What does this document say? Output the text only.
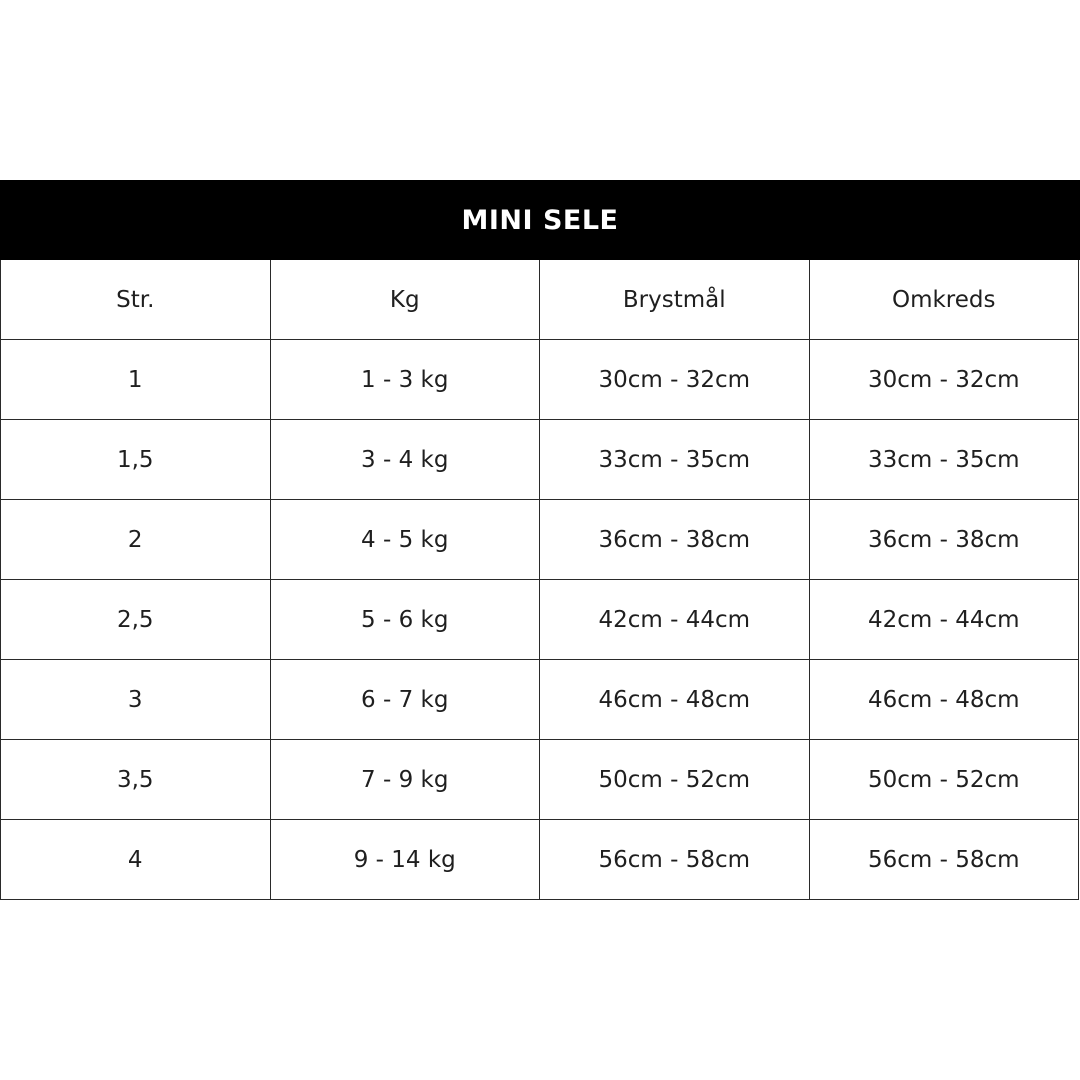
MINI SELE
Str.	Kg	Brystmål	Omkreds
1	1 - 3 kg	30cm - 32cm	30cm - 32cm
1,5	3 - 4 kg	33cm - 35cm	33cm - 35cm
2	4 - 5 kg	36cm - 38cm	36cm - 38cm
2,5	5 - 6 kg	42cm - 44cm	42cm - 44cm
3	6 - 7 kg	46cm - 48cm	46cm - 48cm
3,5	7 - 9 kg	50cm - 52cm	50cm - 52cm
4	9 - 14 kg	56cm - 58cm	56cm - 58cm
